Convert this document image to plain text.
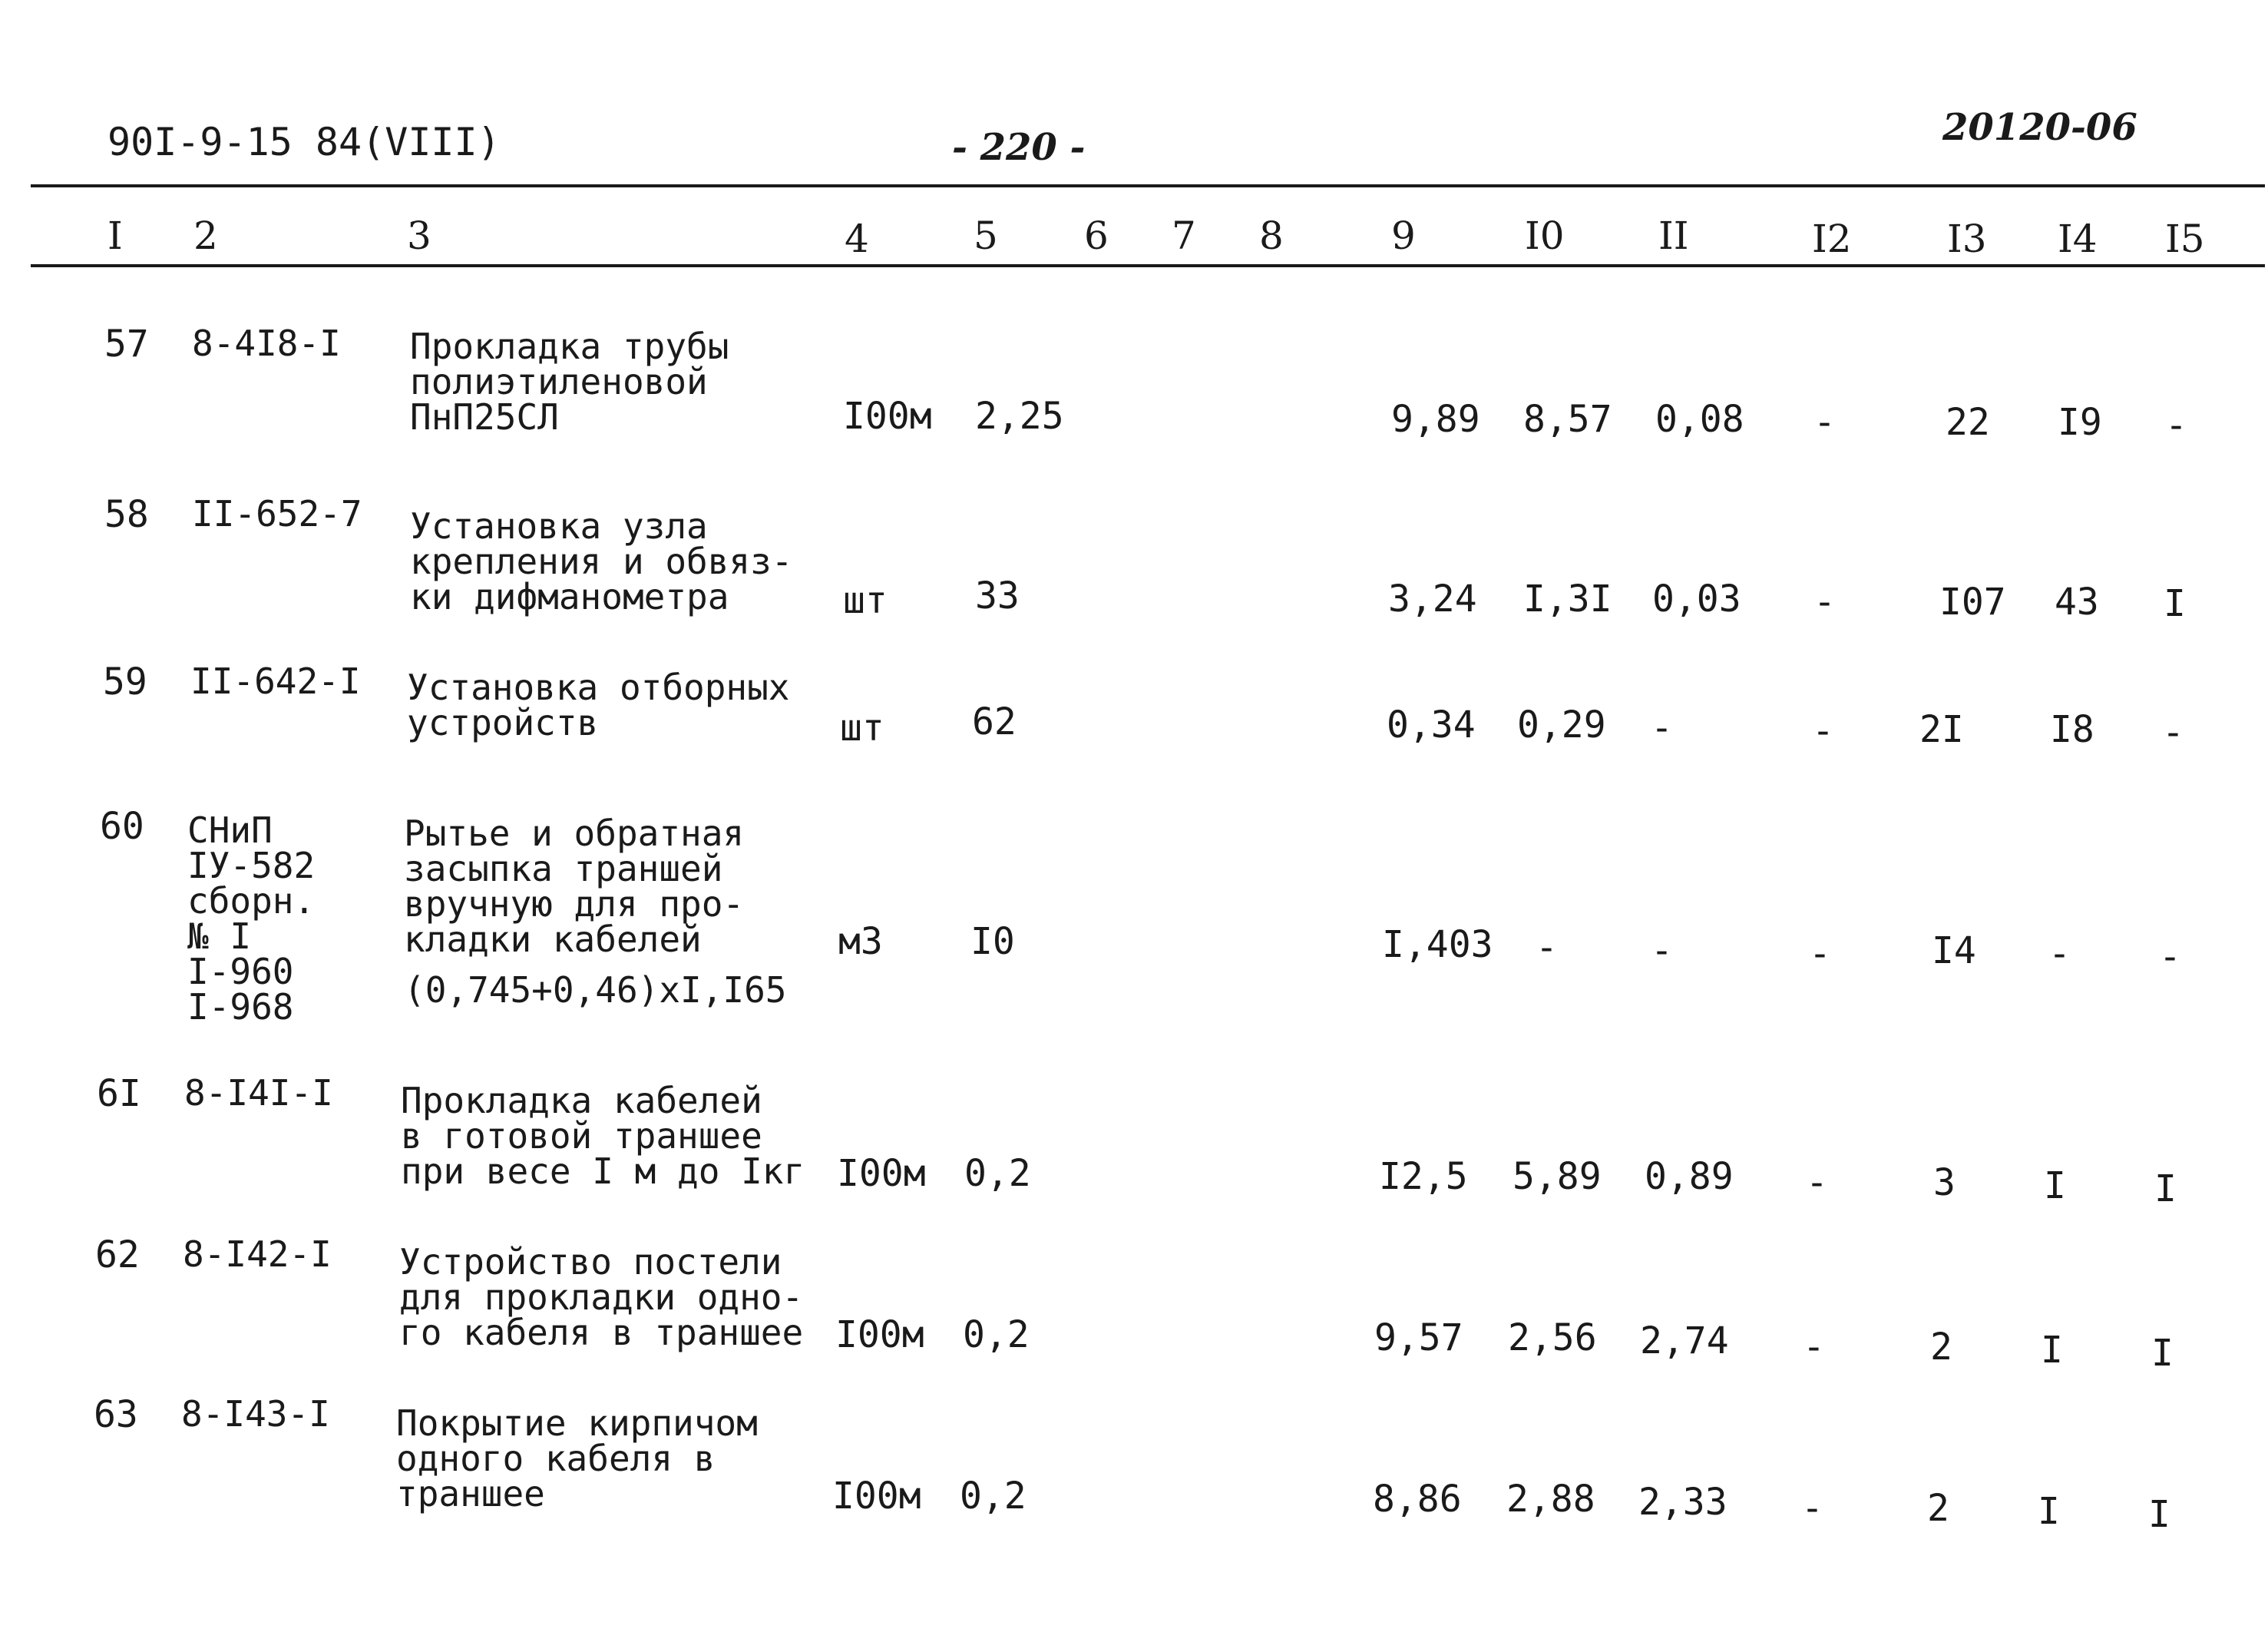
90I-9-15 84(VIII)	- 220 -	20120-06
I 2	3	4	5 6 7 8	9	I0 II	I2 I3 I4 I5
57 8-4I8-I Прокладка трубы
полиэтиленовой
ПнП25СЛ	I00м 2,25	9,89 8,57 0,08 -	22 I9 -
58 II-652-7 Установка узла
крепления и обвяз-
ки дифманометра	шт 33	3,24 I,3I 0,03 -	I07 43 I
59 II-642-I Установка отборных
устройств	шт 62	0,34 0,29 -	- 2I I8 -
60 СНиП
IУ-582
сборн.
№ I
I-960
I-968
Рытье и обратная
засыпка траншей
вручную для про-
кладки кабелей
(0,745+0,46)xI,I65
м3 I0	I,403 -	-	-	I4 - -
6I 8-I4I-I Прокладка кабелей
в готовой траншее
при весе I м до Iкг I00м 0,2	I2,5 5,89 0,89 -	3 I I
62 8-I42-I Устройство постели
для прокладки одно-
го кабеля в траншее I00м 0,2	9,57 2,56 2,74 -	2 I I
63 8-I43-I Покрытие кирпичом
одного кабеля в
траншее	I00м 0,2	8,86 2,88 2,33 -	2 I I
